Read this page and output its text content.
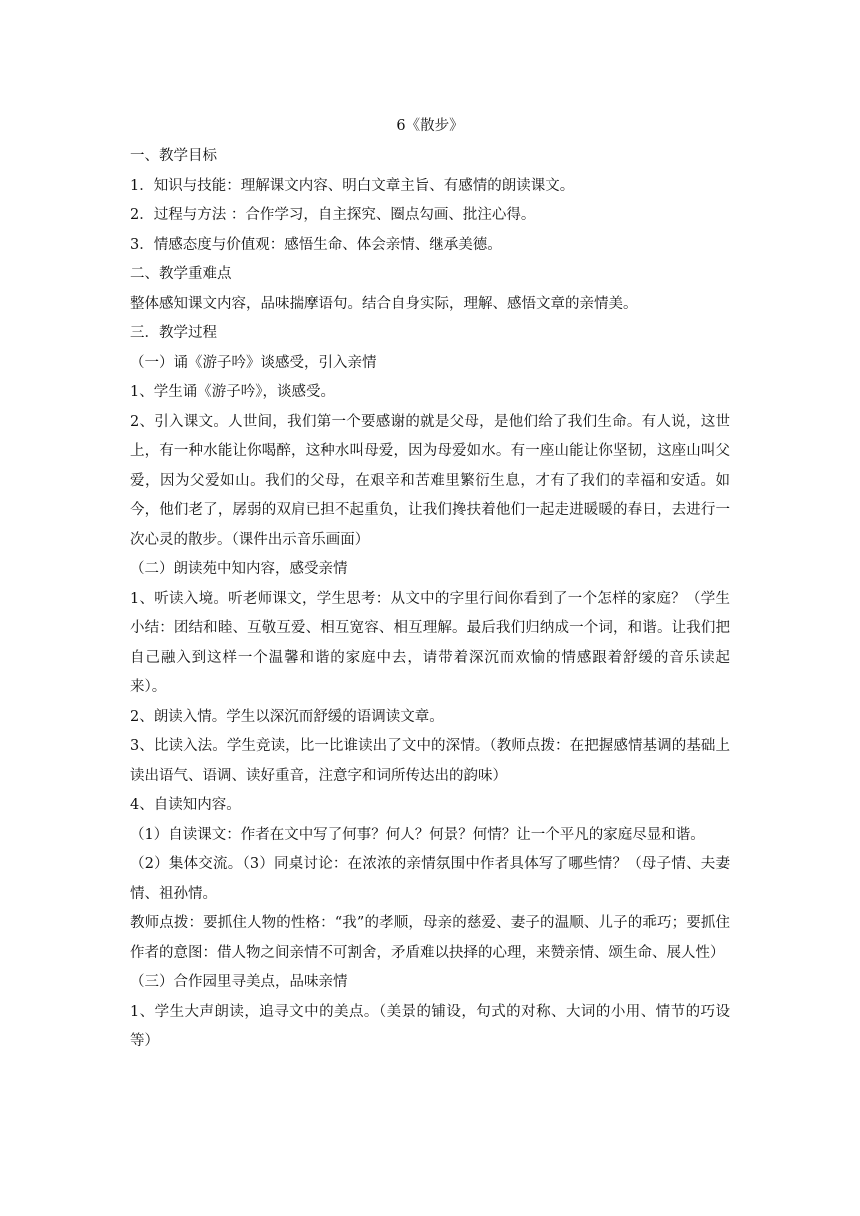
6《散步》

一、教学目标

1．知识与技能：理解课文内容、明白文章主旨、有感情的朗读课文。

2．过程与方法 ：合作学习，自主探究、圈点勾画、批注心得。

3．情感态度与价值观：感悟生命、体会亲情、继承美德。

二、教学重难点

整体感知课文内容，品味揣摩语句。结合自身实际，理解、感悟文章的亲情美。

三．教学过程

（一）诵《游子吟》谈感受，引入亲情

1、学生诵《游子吟》，谈感受。

2、引入课文。人世间，我们第一个要感谢的就是父母，是他们给了我们生命。有人说，这世上，有一种水能让你喝醉，这种水叫母爱，因为母爱如水。有一座山能让你坚韧，这座山叫父爱，因为父爱如山。我们的父母，在艰辛和苦难里繁衍生息，才有了我们的幸福和安适。如今，他们老了，孱弱的双肩已担不起重负，让我们搀扶着他们一起走进暖暖的春日，去进行一次心灵的散步。（课件出示音乐画面）

（二）朗读苑中知内容，感受亲情

1、听读入境。听老师课文，学生思考：从文中的字里行间你看到了一个怎样的家庭？（学生小结：团结和睦、互敬互爱、相互宽容、相互理解。最后我们归纳成一个词，和谐。让我们把自己融入到这样一个温馨和谐的家庭中去，请带着深沉而欢愉的情感跟着舒缓的音乐读起来）。

2、朗读入情。学生以深沉而舒缓的语调读文章。

3、比读入法。学生竞读，比一比谁读出了文中的深情。（教师点拨：在把握感情基调的基础上读出语气、语调、读好重音，注意字和词所传达出的韵味）

4、自读知内容。

（1）自读课文：作者在文中写了何事？何人？何景？何情？让一个平凡的家庭尽显和谐。

（2）集体交流。（3）同桌讨论：在浓浓的亲情氛围中作者具体写了哪些情？（母子情、夫妻情、祖孙情。

教师点拨：要抓住人物的性格：“我”的孝顺，母亲的慈爱、妻子的温顺、儿子的乖巧；要抓住作者的意图：借人物之间亲情不可割舍，矛盾难以抉择的心理，来赞亲情、颂生命、展人性）

（三）合作园里寻美点，品味亲情

1、学生大声朗读，追寻文中的美点。（美景的铺设，句式的对称、大词的小用、情节的巧设等）
